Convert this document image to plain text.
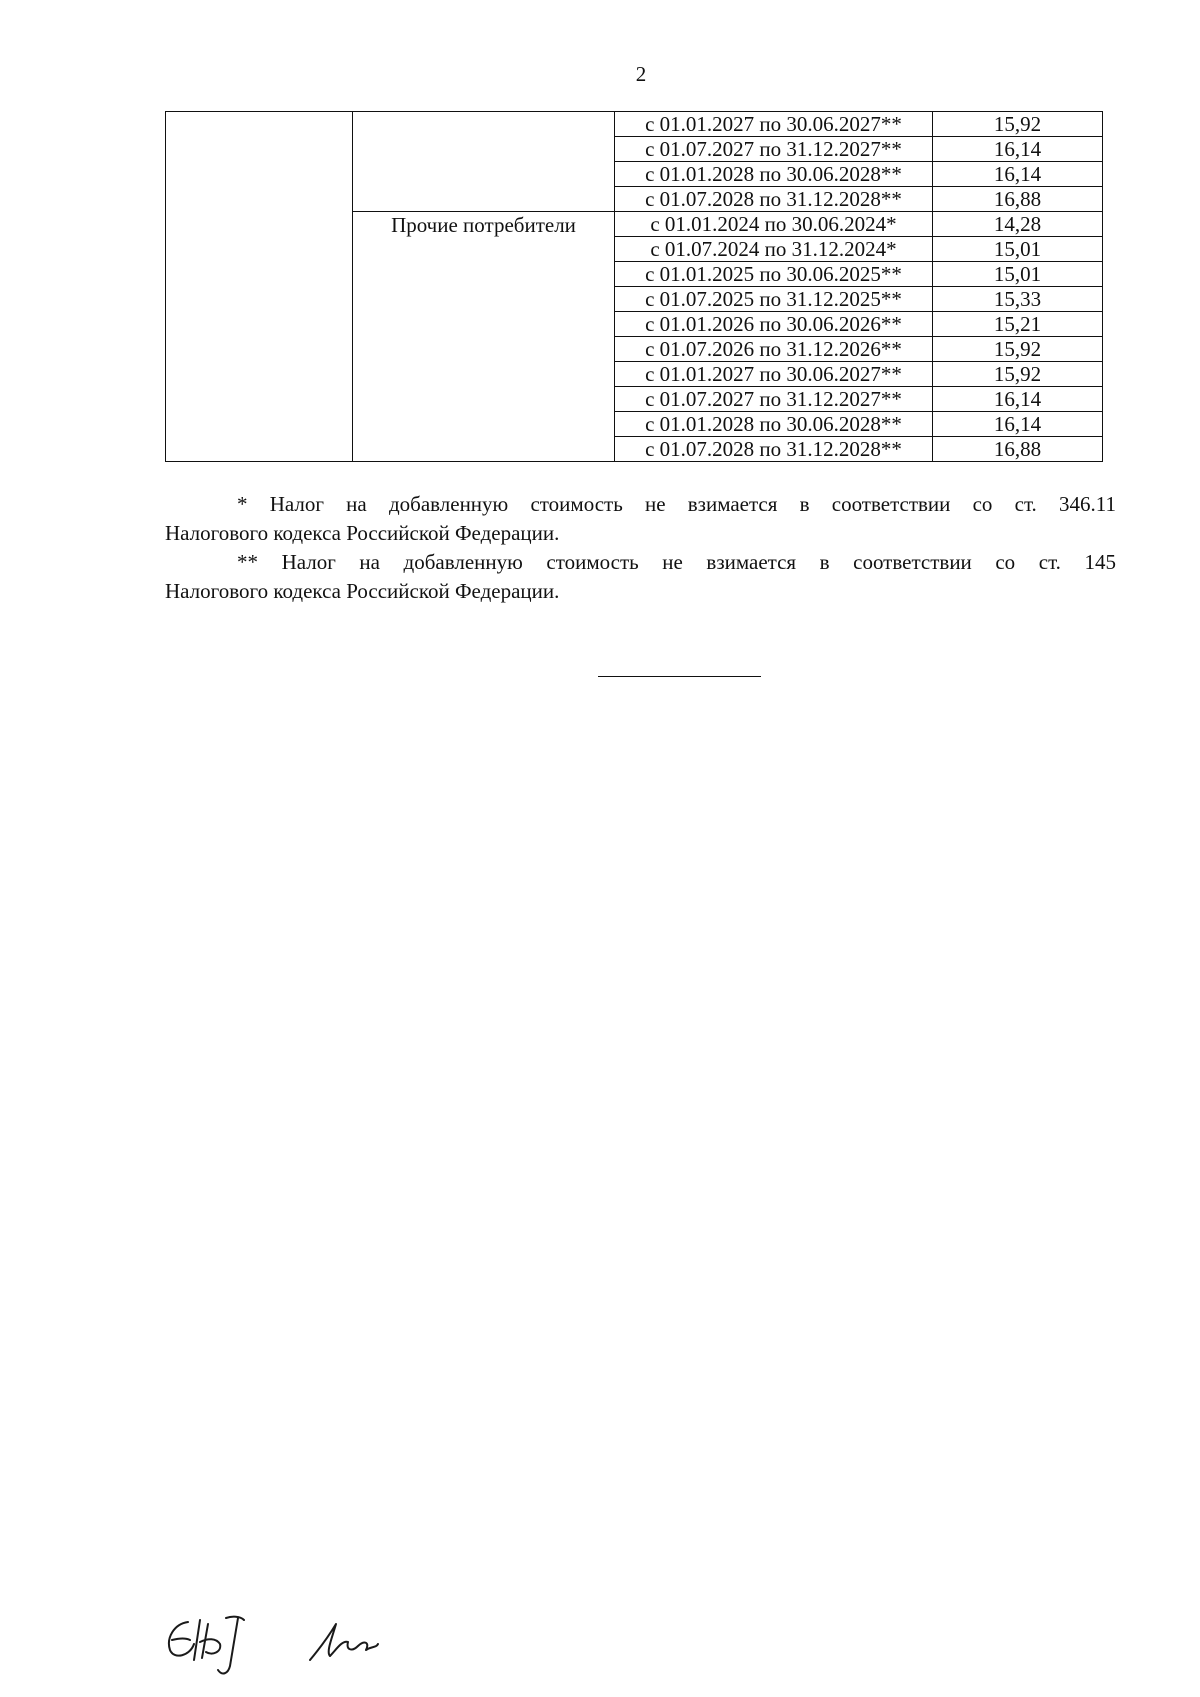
2
		с 01.01.2027 по 30.06.2027**	15,92
		с 01.07.2027 по 31.12.2027**	16,14
		с 01.01.2028 по 30.06.2028**	16,14
		с 01.07.2028 по 31.12.2028**	16,88
	Прочие потребители	с 01.01.2024 по 30.06.2024*	14,28
		с 01.07.2024 по 31.12.2024*	15,01
		с 01.01.2025 по 30.06.2025**	15,01
		с 01.07.2025 по 31.12.2025**	15,33
		с 01.01.2026 по 30.06.2026**	15,21
		с 01.07.2026 по 31.12.2026**	15,92
		с 01.01.2027 по 30.06.2027**	15,92
		с 01.07.2027 по 31.12.2027**	16,14
		с 01.01.2028 по 30.06.2028**	16,14
		с 01.07.2028 по 31.12.2028**	16,88

* Налог на добавленную стоимость не взимается в соответствии со ст. 346.11
Налогового кодекса Российской Федерации.

** Налог на добавленную стоимость не взимается в соответствии со ст. 145
Налогового кодекса Российской Федерации.
